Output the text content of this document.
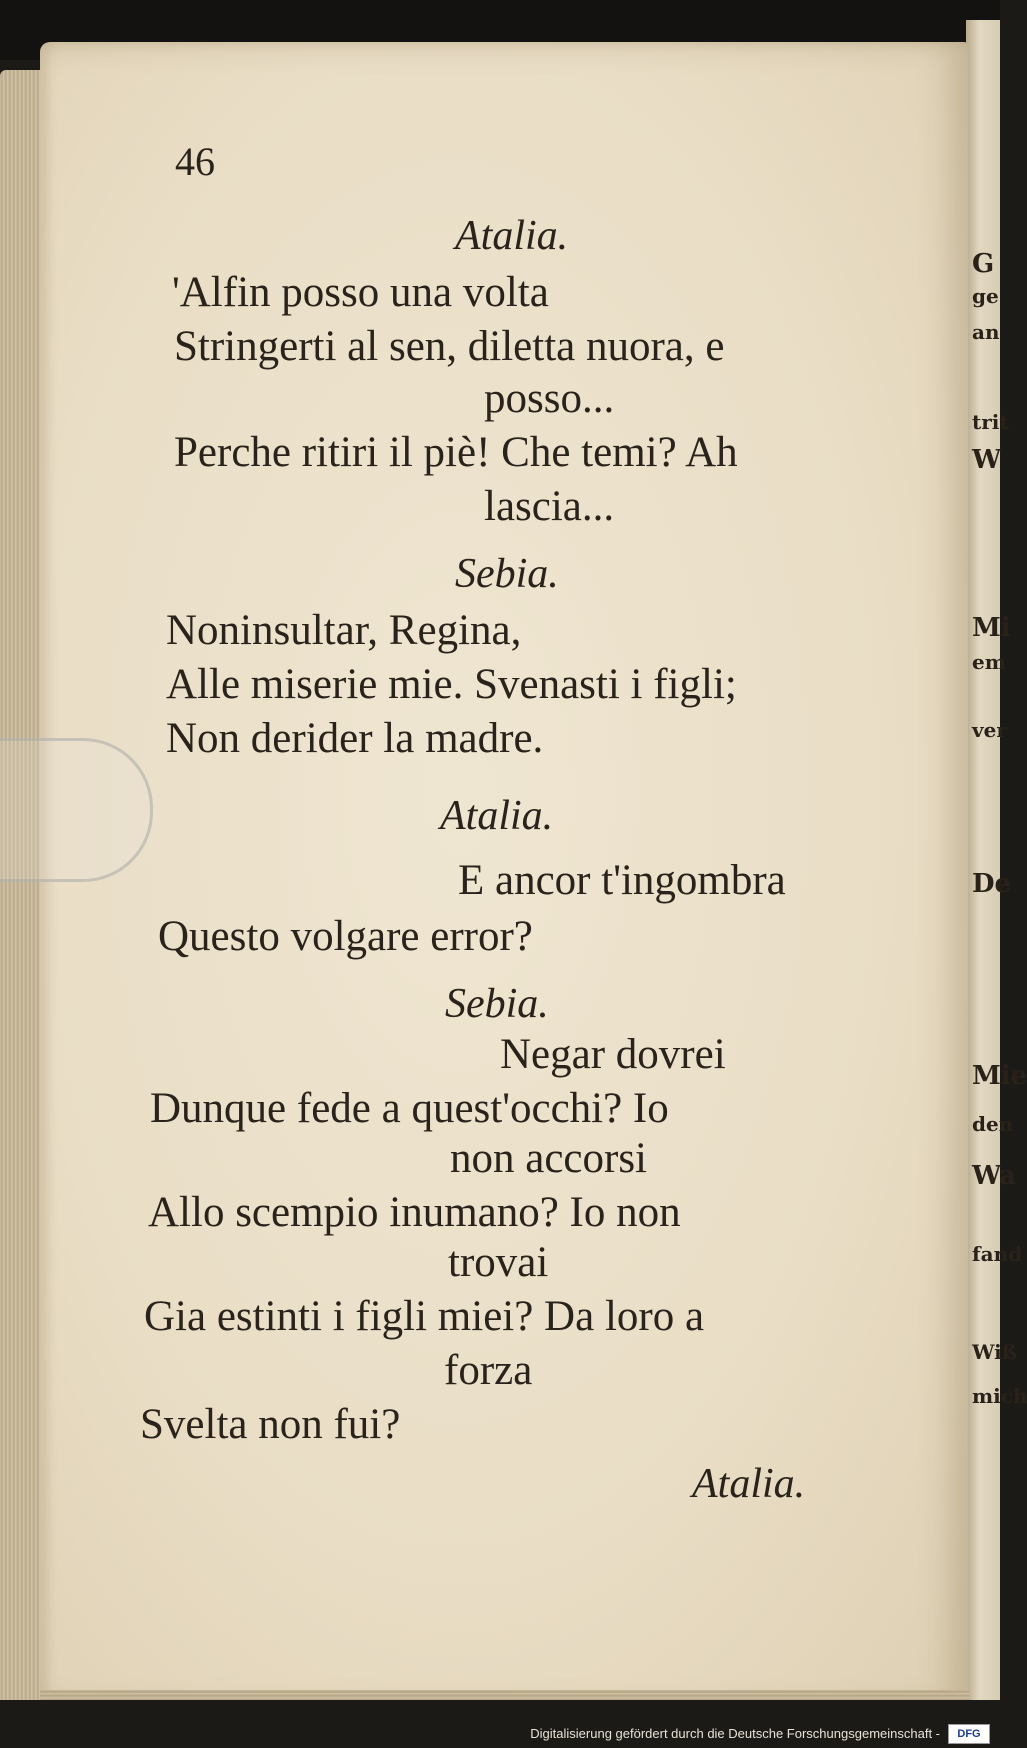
G
ge
an
trit
W
Mi
em
ver
De
Mie
den
Wa
fand
Wiß
mich
46
Atalia.
'Alfin posso una volta
Stringerti al sen, diletta nuora, e
posso...
Perche ritiri il piè! Che temi? Ah
lascia...
Sebia.
Noninsultar, Regina,
Alle miserie mie. Svenasti i figli;
Non derider la madre.
Atalia.
E ancor t'ingombra
Questo volgare error?
Sebia.
Negar dovrei
Dunque fede a quest'occhi? Io
non accorsi
Allo scempio inumano? Io non
trovai
Gia estinti i figli miei? Da loro a
forza
Svelta non fui?
Atalia.
Digitalisierung gefördert durch die Deutsche Forschungsgemeinschaft -	DFG
